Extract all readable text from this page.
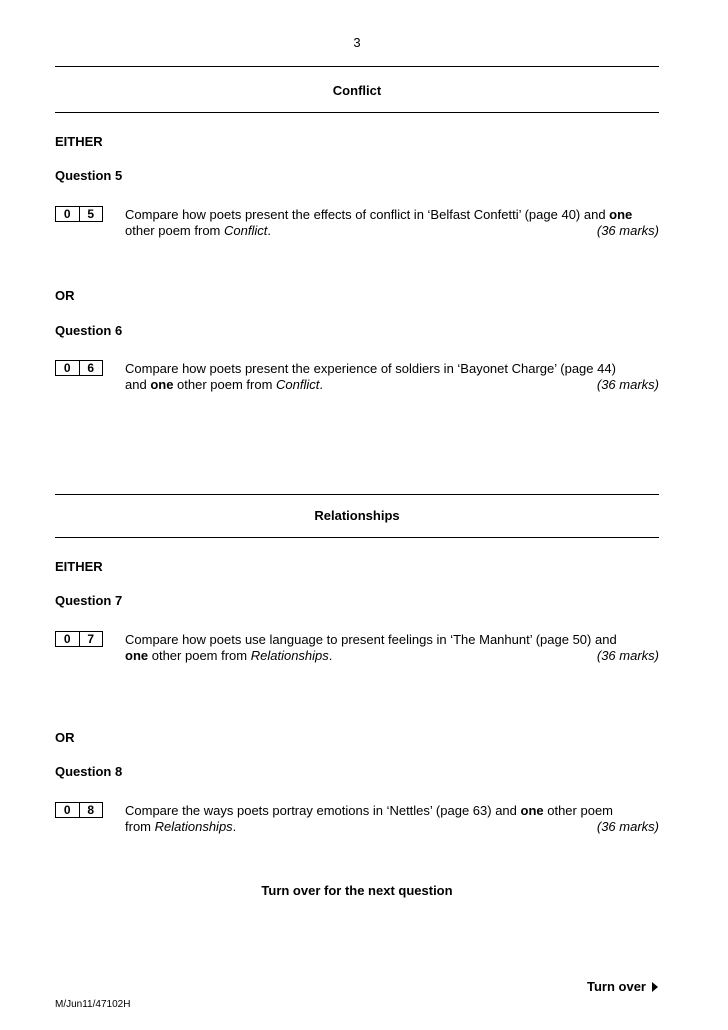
3
Conflict
EITHER
Question 5
0	5	Compare how poets present the effects of conflict in ‘Belfast Confetti’ (page 40) and one
other poem from Conflict.	(36 marks)
OR
Question 6
0	6	Compare how poets present the experience of soldiers in ‘Bayonet Charge’ (page 44)
and one other poem from Conflict.	(36 marks)
Relationships
EITHER
Question 7
0	7	Compare how poets use language to present feelings in ‘The Manhunt’ (page 50) and
one other poem from Relationships.	(36 marks)
OR
Question 8
0	8	Compare the ways poets portray emotions in ‘Nettles’ (page 63) and one other poem
from Relationships.	(36 marks)
Turn over for the next question
Turn over
M/Jun11/47102H
